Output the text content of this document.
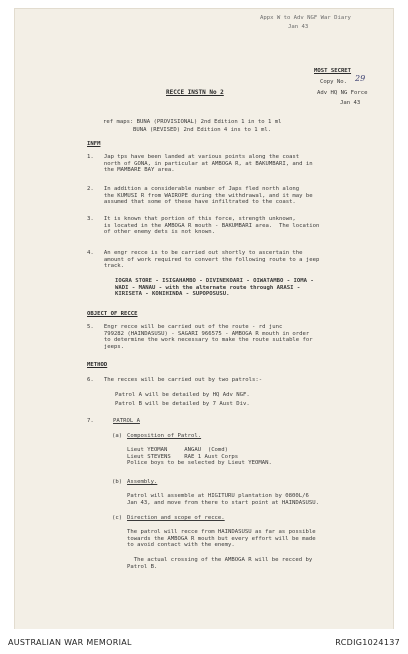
Appx W to Adv NGF War Diary
Jan 43
MOST SECRET
Copy No. 29
Adv HQ NG Force
Jan 43
RECCE INSTN No 2
ref maps: BUNA (PROVISIONAL) 2nd Edition 1 in to 1 ml
BUNA (REVISED) 2nd Edition 4 ins to 1 ml.
INFM
1.   Jap tps have been landed at various points along the coast
north of GONA, in particular at AMBOGA R, at BAKUMBARI, and in
the MAMBARE BAY area.
2.   In addition a considerable number of Japs fled north along
the KUMUSI R from WAIROPE during the withdrawal, and it may be
assumed that some of these have infiltrated to the coast.
3.   It is known that portion of this force, strength unknown,
is located in the AMBOGA R mouth - BAKUMBARI area.  The location
of other enemy dets is not known.
4.   An engr recce is to be carried out shortly to ascertain the
amount of work required to convert the following route to a jeep
track.
IOGRA STORE - ISIGAHAMBO - DIVINEKOARI - OIWATAMBO - IOMA -
WADI - MANAU - with the alternate route through ARASI -
KIRISETA - KONIHINDA - SUPOPOSUSU.
OBJECT OF RECCE
5.   Engr recce will be carried out of the route - rd junc
799282 (HAINDASUSU) - SAGARI 966575 - AMBOGA R mouth in order
to determine the work necessary to make the route suitable for
jeeps.
METHOD
6.   The recces will be carried out by two patrols:-
Patrol A will be detailed by HQ Adv NGF.
Patrol B will be detailed by 7 Aust Div.
7.	PATROL A
(a) Composition of Patrol.
Lieut YEOMAN     ANGAU  (Comd)
Lieut STEVENS    RAE 1 Aust Corps
Police boys to be selected by Lieut YEOMAN.
(b) Assembly.
Patrol will assemble at HIGITURU plantation by 0800L/6
Jan 43, and move from there to start point at HAINDASUSU.
(c) Direction and scope of recce.
The patrol will recce from HAINDASUSU as far as possible
towards the AMBOGA R mouth but every effort will be made
to avoid contact with the enemy.
The actual crossing of the AMBOGA R will be recced by
Patrol B.
AUSTRALIAN WAR MEMORIAL	RCDIG1024137
